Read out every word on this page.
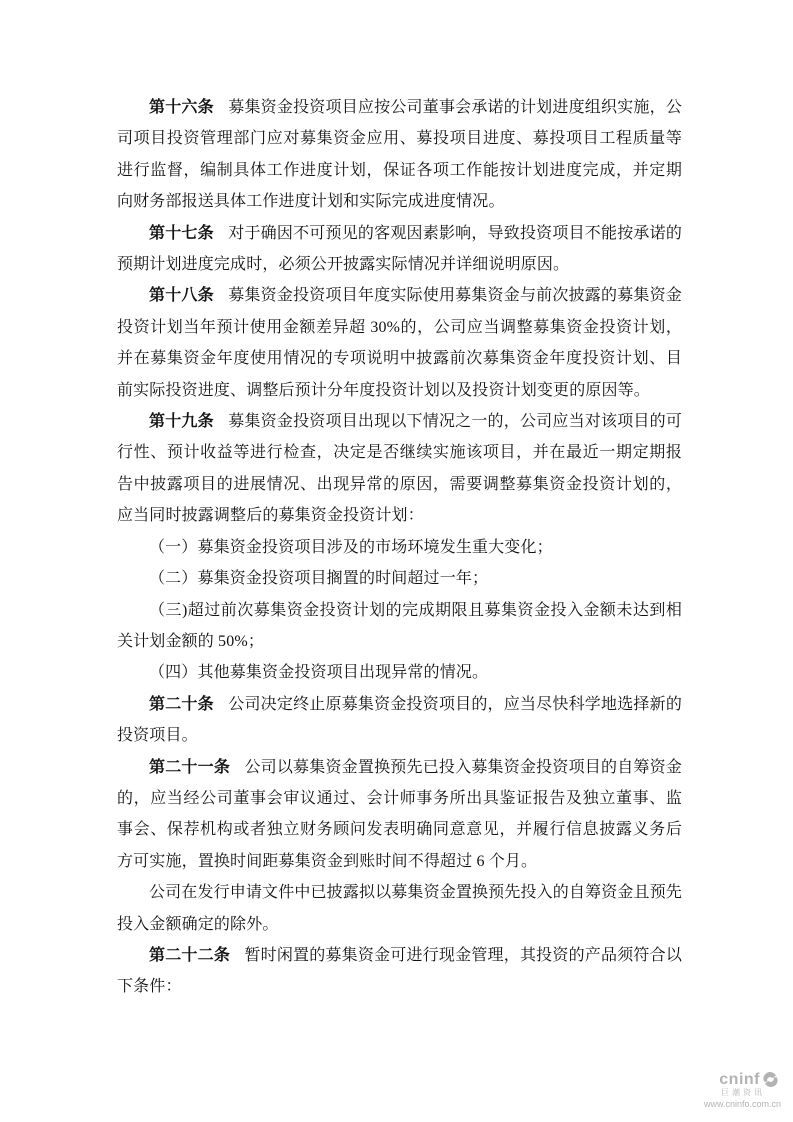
第十六条 募集资金投资项目应按公司董事会承诺的计划进度组织实施，公司项目投资管理部门应对募集资金应用、募投项目进度、募投项目工程质量等进行监督，编制具体工作进度计划，保证各项工作能按计划进度完成，并定期向财务部报送具体工作进度计划和实际完成进度情况。

第十七条 对于确因不可预见的客观因素影响，导致投资项目不能按承诺的预期计划进度完成时，必须公开披露实际情况并详细说明原因。

第十八条 募集资金投资项目年度实际使用募集资金与前次披露的募集资金投资计划当年预计使用金额差异超 30%的，公司应当调整募集资金投资计划，并在募集资金年度使用情况的专项说明中披露前次募集资金年度投资计划、目前实际投资进度、调整后预计分年度投资计划以及投资计划变更的原因等。

第十九条 募集资金投资项目出现以下情况之一的，公司应当对该项目的可行性、预计收益等进行检查，决定是否继续实施该项目，并在最近一期定期报告中披露项目的进展情况、出现异常的原因，需要调整募集资金投资计划的，应当同时披露调整后的募集资金投资计划：

（一）募集资金投资项目涉及的市场环境发生重大变化；

（二）募集资金投资项目搁置的时间超过一年；

（三)超过前次募集资金投资计划的完成期限且募集资金投入金额未达到相关计划金额的 50%；

（四）其他募集资金投资项目出现异常的情况。

第二十条 公司决定终止原募集资金投资项目的，应当尽快科学地选择新的投资项目。

第二十一条 公司以募集资金置换预先已投入募集资金投资项目的自筹资金的，应当经公司董事会审议通过、会计师事务所出具鉴证报告及独立董事、监事会、保荐机构或者独立财务顾问发表明确同意意见，并履行信息披露义务后方可实施，置换时间距募集资金到账时间不得超过 6 个月。

公司在发行申请文件中已披露拟以募集资金置换预先投入的自筹资金且预先投入金额确定的除外。

第二十二条 暂时闲置的募集资金可进行现金管理，其投资的产品须符合以下条件：

cninf
巨潮资讯
www.cninfo.com.cn
